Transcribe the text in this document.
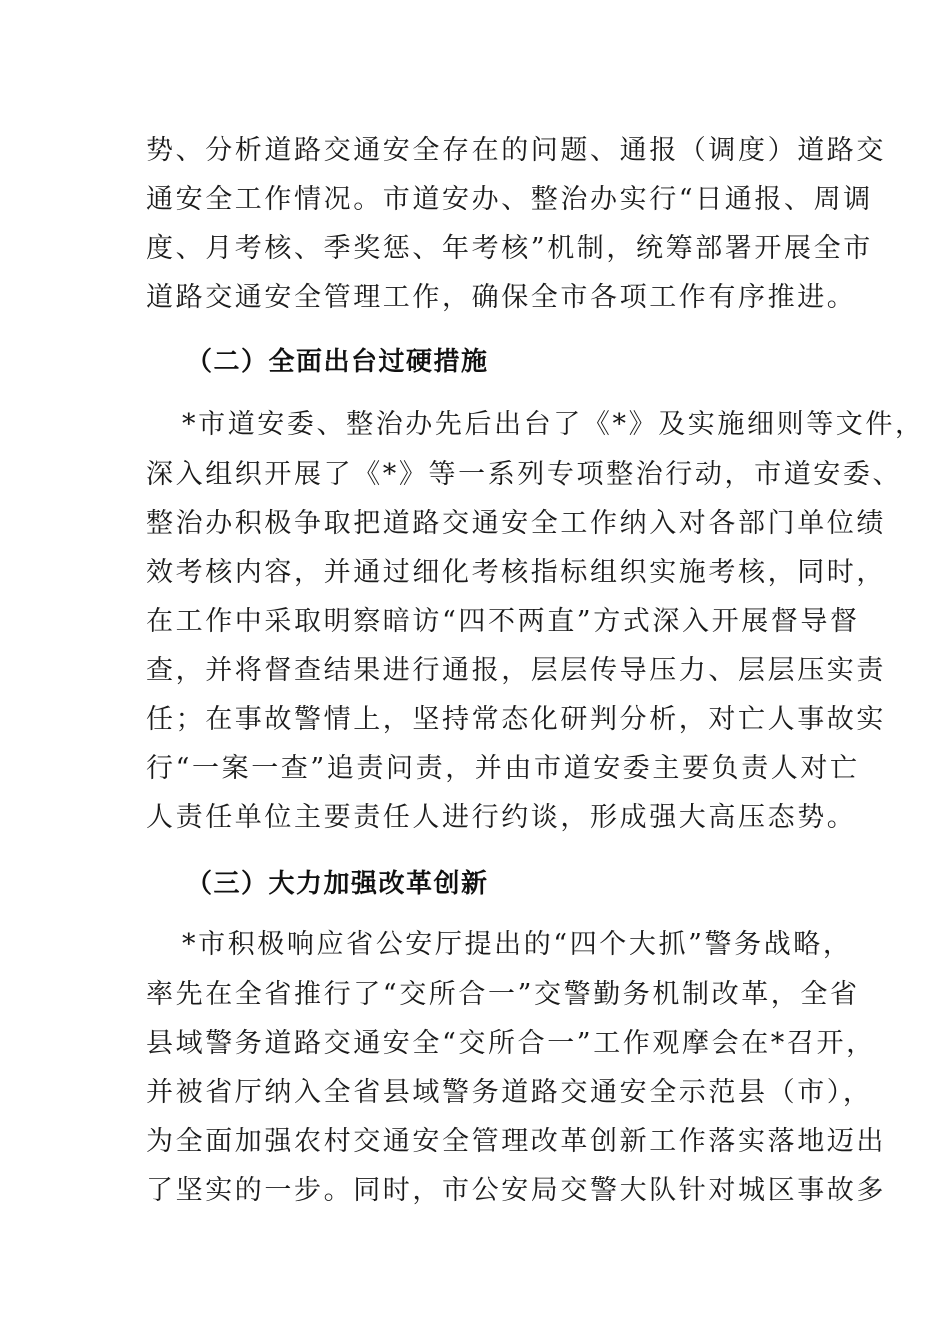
势、分析道路交通安全存在的问题、通报（调度）道路交
通安全工作情况。市道安办、整治办实行“日通报、周调
度、月考核、季奖惩、年考核”机制，统筹部署开展全市
道路交通安全管理工作，确保全市各项工作有序推进。
（二）全面出台过硬措施
*市道安委、整治办先后出台了《*》及实施细则等文件，
深入组织开展了《*》等一系列专项整治行动，市道安委、
整治办积极争取把道路交通安全工作纳入对各部门单位绩
效考核内容，并通过细化考核指标组织实施考核，同时，
在工作中采取明察暗访“四不两直”方式深入开展督导督
查，并将督查结果进行通报，层层传导压力、层层压实责
任；在事故警情上，坚持常态化研判分析，对亡人事故实
行“一案一查”追责问责，并由市道安委主要负责人对亡
人责任单位主要责任人进行约谈，形成强大高压态势。
（三）大力加强改革创新
*市积极响应省公安厅提出的“四个大抓”警务战略，
率先在全省推行了“交所合一”交警勤务机制改革，全省
县域警务道路交通安全“交所合一”工作观摩会在*召开，
并被省厅纳入全省县域警务道路交通安全示范县（市），
为全面加强农村交通安全管理改革创新工作落实落地迈出
了坚实的一步。同时，市公安局交警大队针对城区事故多
